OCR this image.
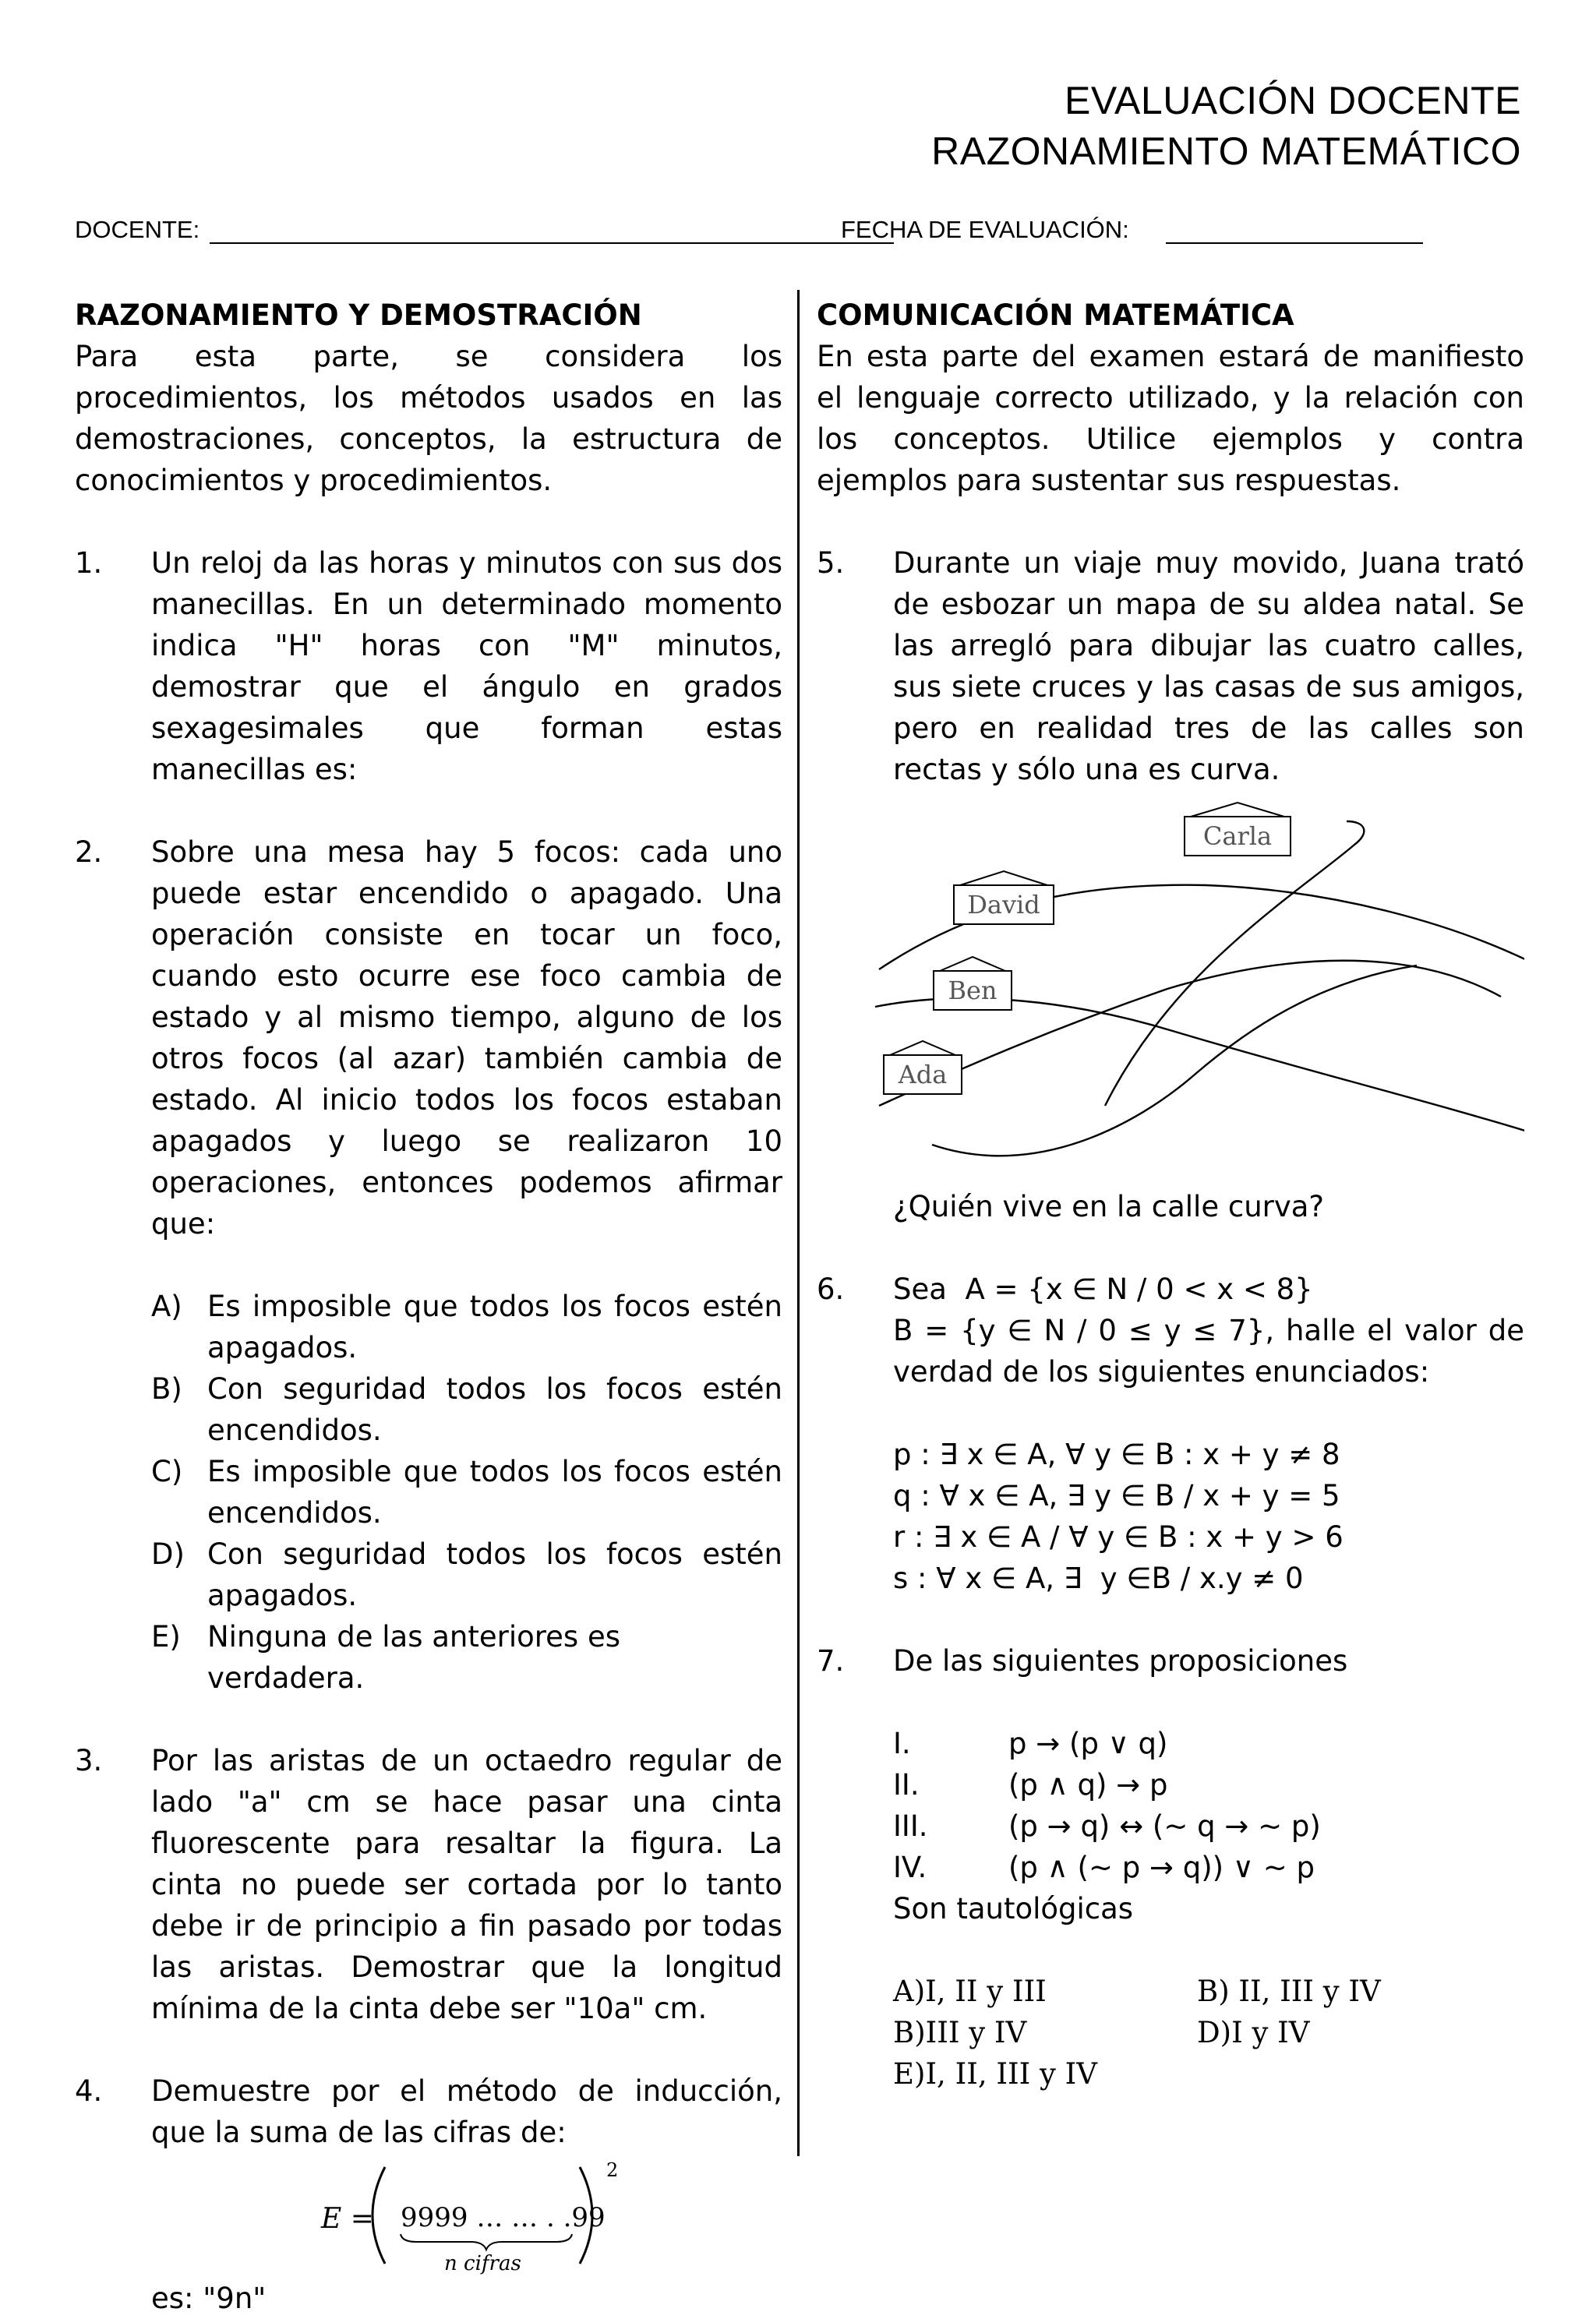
EVALUACIÓN DOCENTE
RAZONAMIENTO MATEMÁTICO
DOCENTE:	FECHA DE EVALUACIÓN:

RAZONAMIENTO Y DEMOSTRACIÓN

Para esta parte, se considera los procedimientos, los métodos usados en las demostraciones, conceptos, la estructura de conocimientos y procedimientos.

1.	Un reloj da las horas y minutos con sus dos manecillas. En un determinado momento indica "H" horas con "M" minutos, demostrar que el ángulo en grados sexagesimales que forman estas manecillas es:

2.	Sobre una mesa hay 5 focos: cada uno puede estar encendido o apagado. Una operación consiste en tocar un foco, cuando esto ocurre ese foco cambia de estado y al mismo tiempo, alguno de los otros focos (al azar) también cambia de estado. Al inicio todos los focos estaban apagados y luego se realizaron 10 operaciones, entonces podemos afirmar que:

A) Es imposible que todos los focos estén apagados.
B) Con seguridad todos los focos estén encendidos.
C) Es imposible que todos los focos estén encendidos.
D) Con seguridad todos los focos estén apagados.
E) Ninguna de las anteriores es verdadera.
3.	Por las aristas de un octaedro regular de lado "a" cm se hace pasar una cinta fluorescente para resaltar la figura. La cinta no puede ser cortada por lo tanto debe ir de principio a fin pasado por todas las aristas. Demostrar que la longitud mínima de la cinta debe ser "10a" cm.

4.	Demuestre por el método de inducción, que la suma de las cifras de:

E = 9999 … … . .99
n cifras
2

es: "9n"

COMUNICACIÓN MATEMÁTICA

En esta parte del examen estará de manifiesto el lenguaje correcto utilizado, y la relación con los conceptos. Utilice ejemplos y contra ejemplos para sustentar sus respuestas.

5.	Durante un viaje muy movido, Juana trató de esbozar un mapa de su aldea natal. Se las arregló para dibujar las cuatro calles, sus siete cruces y las casas de sus amigos, pero en realidad tres de las calles son rectas y sólo una es curva.

Carla
David
Ben
Ada

¿Quién vive en la calle curva?

6.	Sea  A = {x ∈ N / 0 < x < 8}

B = {y ∈ N / 0 ≤ y ≤ 7}, halle el valor de verdad de los siguientes enunciados:

p : ∃ x ∈ A, ∀ y ∈ B : x + y ≠ 8

q : ∀ x ∈ A, ∃ y ∈ B / x + y = 5

r : ∃ x ∈ A / ∀ y ∈ B : x + y > 6

s : ∀ x ∈ A, ∃  y ∈B / x.y ≠ 0

7.	De las siguientes proposiciones

I.	p → (p ∨ q)
II.	(p ∧ q) → p
III.	(p → q) ↔ (~ q → ~ p)
IV.	(p ∧ (~ p → q)) ∨ ~ p

Son tautológicas

A)I, II y III	B) II, III y IV
B)III y IV	D)I y IV
E)I, II, III y IV
